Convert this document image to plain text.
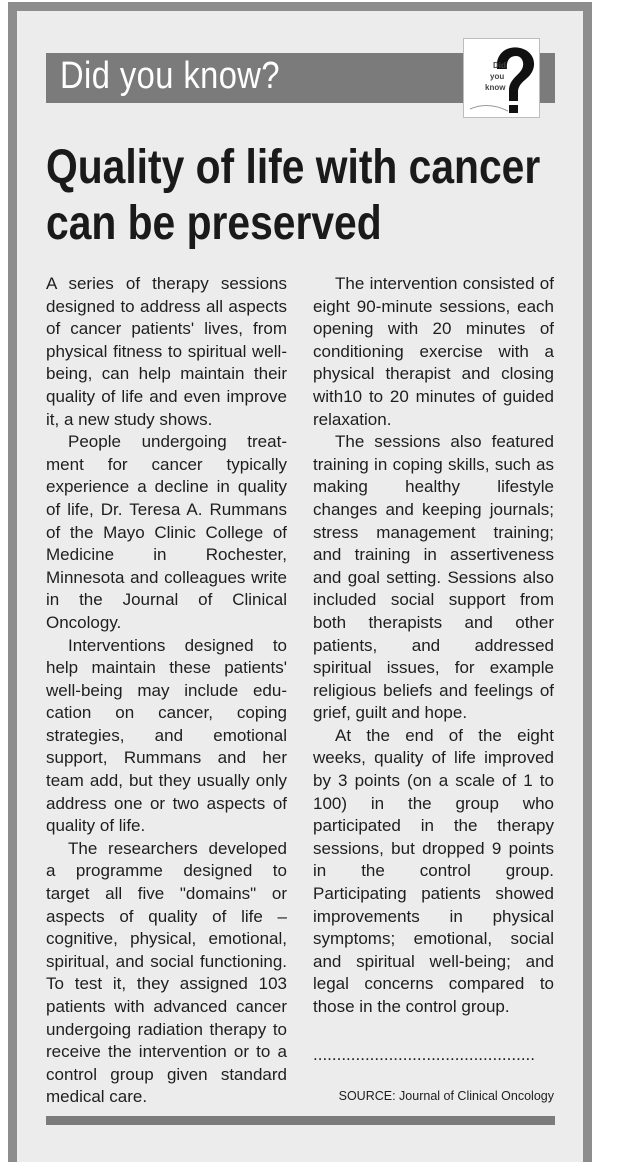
Did you know?	Did
you
know
Quality of life with cancer
can be preserved

A series of therapy sessions designed to address all aspects of cancer patients' lives, from physical fitness to spiritual well-being, can help maintain their quality of life and even improve it, a new study shows.

People undergoing treatment for cancer typically experience a decline in quality of life, Dr. Teresa A. Rummans of the Mayo Clinic College of Medicine in Rochester, Minnesota and colleagues write in the Journal of Clinical Oncology.

Interventions designed to help maintain these patients' well-being may include education on cancer, coping strategies, and emotional support, Rummans and her team add, but they usually only address one or two aspects of quality of life.

The researchers developed a programme designed to target all five "domains" or aspects of quality of life – cognitive, physical, emotional, spiritual, and social functioning. To test it, they assigned 103 patients with advanced cancer undergoing radiation therapy to receive the intervention or to a control group given standard medical care.

The intervention consisted of eight 90-minute sessions, each opening with 20 minutes of conditioning exercise with a physical therapist and closing with10 to 20 minutes of guided relaxation.

The sessions also featured training in coping skills, such as making healthy lifestyle changes and keeping journals; stress management training; and training in assertiveness and goal setting. Sessions also included social support from both therapists and other patients, and addressed spiritual issues, for example religious beliefs and feelings of grief, guilt and hope.

At the end of the eight weeks, quality of life improved by 3 points (on a scale of 1 to 100) in the group who participated in the therapy sessions, but dropped 9 points in the control group. Participating patients showed improvements in physical symptoms; emotional, social and spiritual well-being; and legal concerns compared to those in the control group.

...............................................
SOURCE: Journal of Clinical Oncology
